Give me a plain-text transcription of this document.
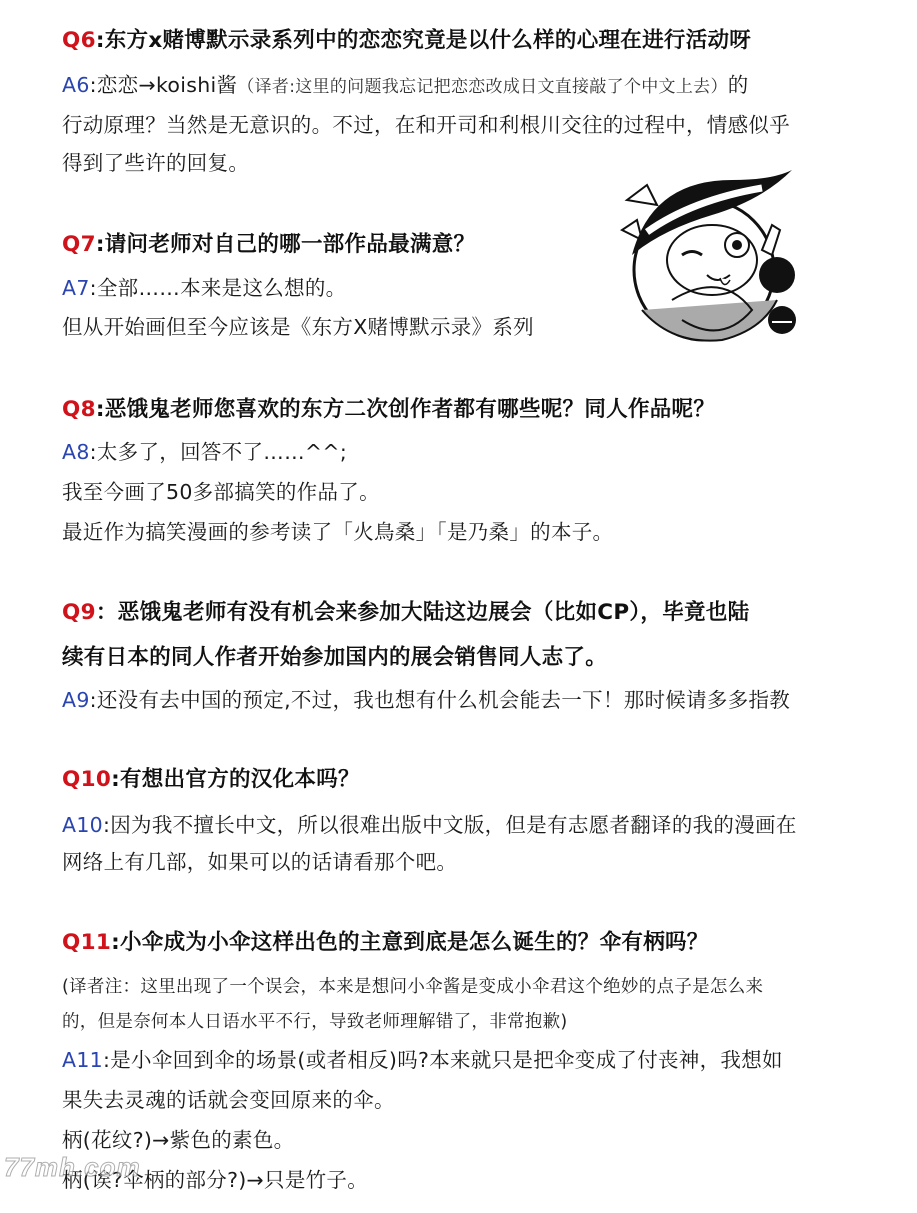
Q6:东方x赌博默示录系列中的恋恋究竟是以什么样的心理在进行活动呀
A6:恋恋→koishi酱（译者:这里的问题我忘记把恋恋改成日文直接敲了个中文上去）的
行动原理？当然是无意识的。不过，在和开司和利根川交往的过程中，情感似乎
得到了些许的回复。
Q7:请问老师对自己的哪一部作品最满意？
A7:全部……本来是这么想的。
但从开始画但至今应该是《东方X赌博默示录》系列
Q8:恶饿鬼老师您喜欢的东方二次创作者都有哪些呢？同人作品呢？
A8:太多了，回答不了……^^;
我至今画了50多部搞笑的作品了。
最近作为搞笑漫画的参考读了「火鳥桑」「是乃桑」的本子。
Q9：恶饿鬼老师有没有机会来参加大陆这边展会（比如CP），毕竟也陆
续有日本的同人作者开始参加国内的展会销售同人志了。
A9:还没有去中国的预定,不过，我也想有什么机会能去一下！那时候请多多指教
Q10:有想出官方的汉化本吗？
A10:因为我不擅长中文，所以很难出版中文版，但是有志愿者翻译的我的漫画在
网络上有几部，如果可以的话请看那个吧。
Q11:小伞成为小伞这样出色的主意到底是怎么诞生的？伞有柄吗？
(译者注：这里出现了一个误会，本来是想问小伞酱是变成小伞君这个绝妙的点子是怎么来
的，但是奈何本人日语水平不行，导致老师理解错了，非常抱歉)
A11:是小伞回到伞的场景(或者相反)吗?本来就只是把伞变成了付丧神，我想如
果失去灵魂的话就会变回原来的伞。
柄(花纹?)→紫色的素色。
柄(诶?伞柄的部分?)→只是竹子。
77mh.com
